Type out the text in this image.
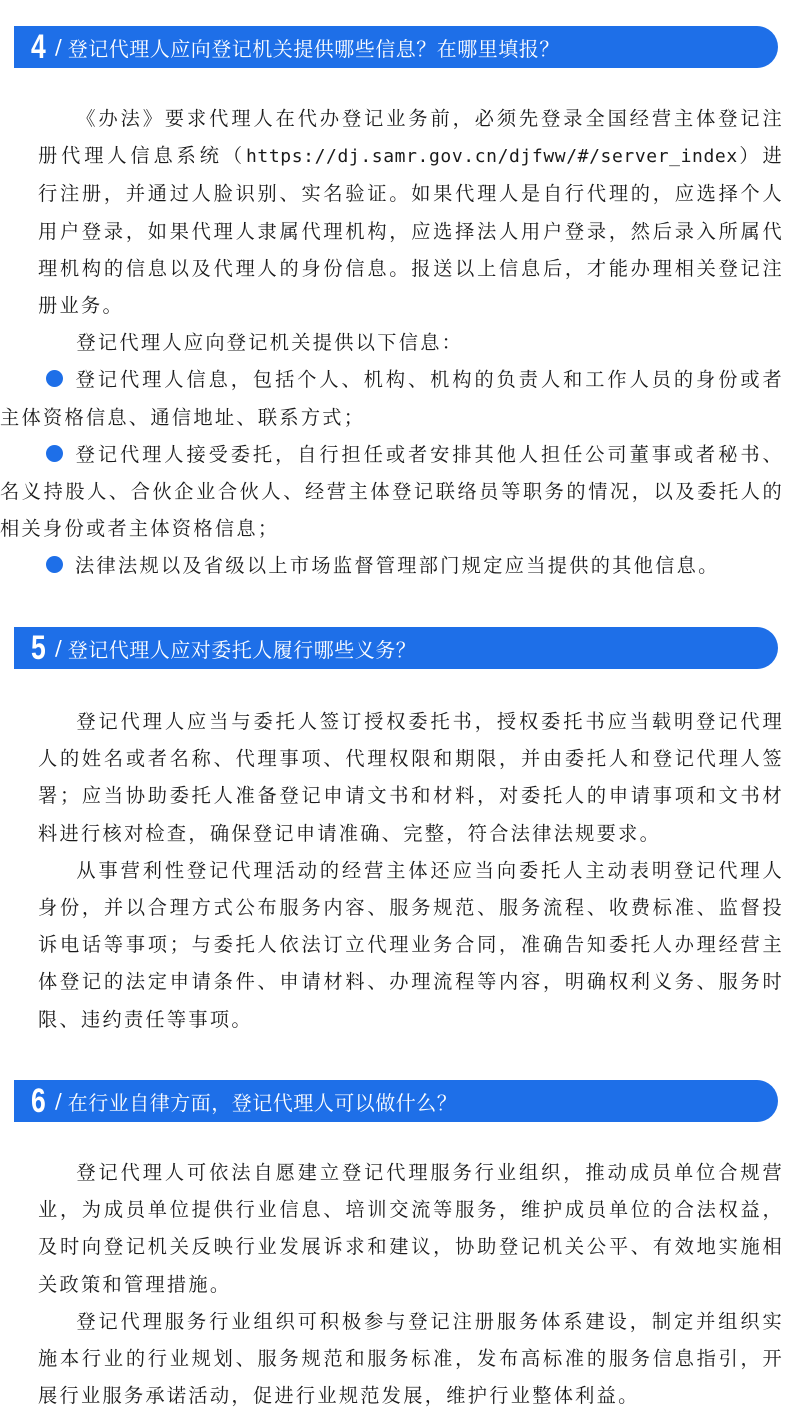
4 / 登记代理人应向登记机关提供哪些信息？在哪里填报？

《办法》要求代理人在代办登记业务前，必须先登录全国经营主体登记注册代理人信息系统（https://dj.samr.gov.cn/djfww/#/server_index）进行注册，并通过人脸识别、实名验证。如果代理人是自行代理的，应选择个人用户登录，如果代理人隶属代理机构，应选择法人用户登录，然后录入所属代理机构的信息以及代理人的身份信息。报送以上信息后，才能办理相关登记注册业务。

登记代理人应向登记机关提供以下信息：

登记代理人信息，包括个人、机构、机构的负责人和工作人员的身份或者主体资格信息、通信地址、联系方式；

登记代理人接受委托，自行担任或者安排其他人担任公司董事或者秘书、名义持股人、合伙企业合伙人、经营主体登记联络员等职务的情况，以及委托人的相关身份或者主体资格信息；

法律法规以及省级以上市场监督管理部门规定应当提供的其他信息。

5 / 登记代理人应对委托人履行哪些义务？

登记代理人应当与委托人签订授权委托书，授权委托书应当载明登记代理人的姓名或者名称、代理事项、代理权限和期限，并由委托人和登记代理人签署；应当协助委托人准备登记申请文书和材料，对委托人的申请事项和文书材料进行核对检查，确保登记申请准确、完整，符合法律法规要求。

从事营利性登记代理活动的经营主体还应当向委托人主动表明登记代理人身份，并以合理方式公布服务内容、服务规范、服务流程、收费标准、监督投诉电话等事项；与委托人依法订立代理业务合同，准确告知委托人办理经营主体登记的法定申请条件、申请材料、办理流程等内容，明确权利义务、服务时限、违约责任等事项。

6 / 在行业自律方面，登记代理人可以做什么？

登记代理人可依法自愿建立登记代理服务行业组织，推动成员单位合规营业，为成员单位提供行业信息、培训交流等服务，维护成员单位的合法权益，及时向登记机关反映行业发展诉求和建议，协助登记机关公平、有效地实施相关政策和管理措施。

登记代理服务行业组织可积极参与登记注册服务体系建设，制定并组织实施本行业的行业规划、服务规范和服务标准，发布高标准的服务信息指引，开展行业服务承诺活动，促进行业规范发展，维护行业整体利益。
